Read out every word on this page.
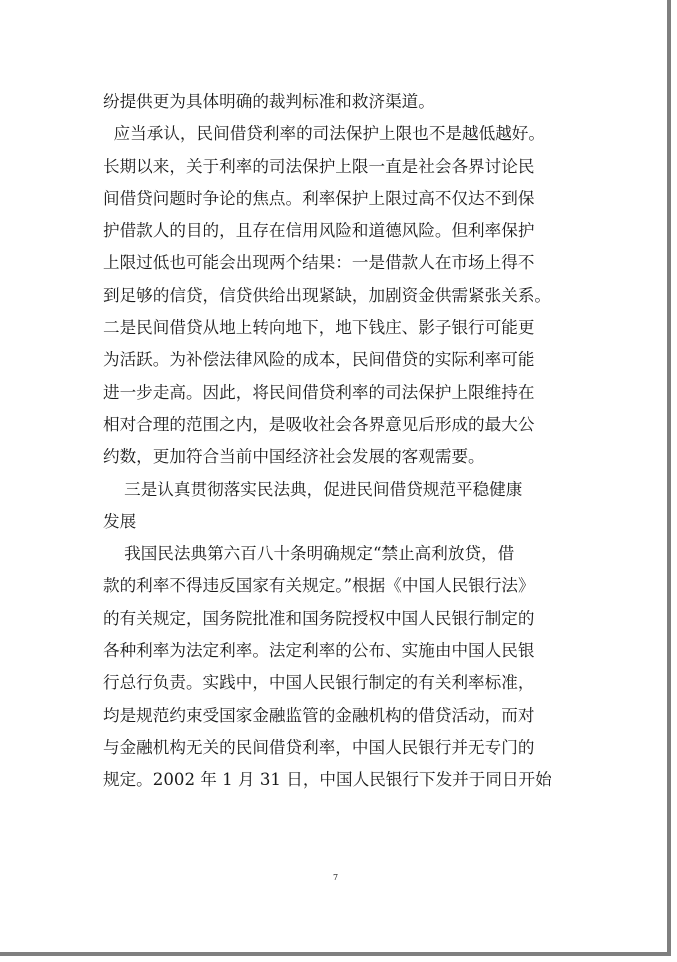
纷提供更为具体明确的裁判标准和救济渠道。
应当承认，民间借贷利率的司法保护上限也不是越低越好。
长期以来，关于利率的司法保护上限一直是社会各界讨论民
间借贷问题时争论的焦点。利率保护上限过高不仅达不到保
护借款人的目的，且存在信用风险和道德风险。但利率保护
上限过低也可能会出现两个结果：一是借款人在市场上得不
到足够的信贷，信贷供给出现紧缺，加剧资金供需紧张关系。
二是民间借贷从地上转向地下，地下钱庄、影子银行可能更
为活跃。为补偿法律风险的成本，民间借贷的实际利率可能
进一步走高。因此，将民间借贷利率的司法保护上限维持在
相对合理的范围之内，是吸收社会各界意见后形成的最大公
约数，更加符合当前中国经济社会发展的客观需要。
三是认真贯彻落实民法典，促进民间借贷规范平稳健康
发展
我国民法典第六百八十条明确规定“禁止高利放贷，借
款的利率不得违反国家有关规定。”根据《中国人民银行法》
的有关规定，国务院批准和国务院授权中国人民银行制定的
各种利率为法定利率。法定利率的公布、实施由中国人民银
行总行负责。实践中，中国人民银行制定的有关利率标准，
均是规范约束受国家金融监管的金融机构的借贷活动，而对
与金融机构无关的民间借贷利率，中国人民银行并无专门的
规定。2002 年 1 月 31 日，中国人民银行下发并于同日开始
7
